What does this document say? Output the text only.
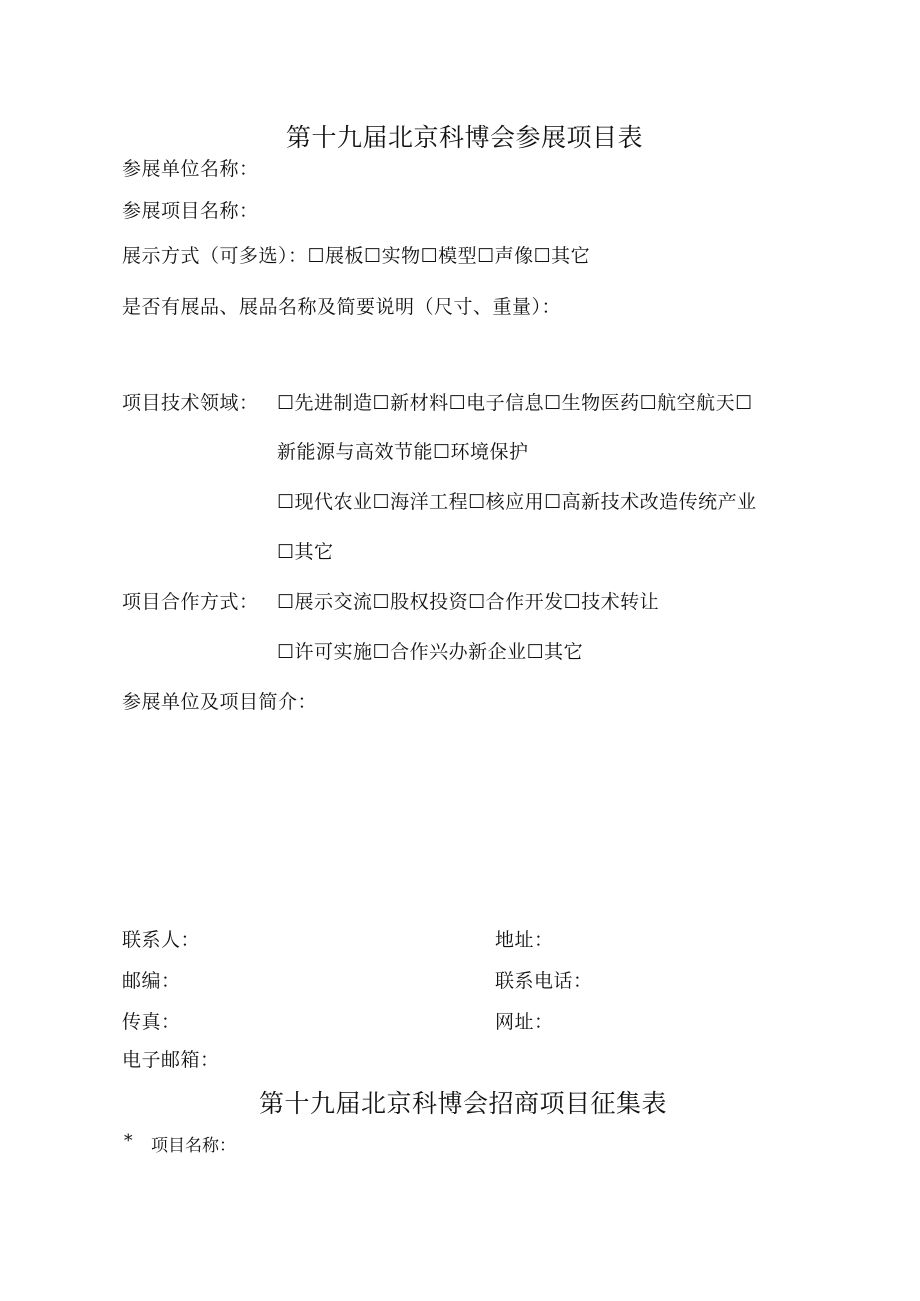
第十九届北京科博会参展项目表
参展单位名称：
参展项目名称：
展示方式（可多选）：☐展板☐实物☐模型☐声像☐其它
是否有展品、展品名称及简要说明（尺寸、重量）：
项目技术领域： ☐先进制造☐新材料☐电子信息☐生物医药☐航空航天☐
新能源与高效节能☐环境保护
☐现代农业☐海洋工程☐核应用☐高新技术改造传统产业
☐其它
项目合作方式： ☐展示交流☐股权投资☐合作开发☐技术转让
☐许可实施☐合作兴办新企业☐其它
参展单位及项目简介：
联系人：	地址：
邮编：	联系电话：
传真：	网址：
电子邮箱：
第十九届北京科博会招商项目征集表
* 项目名称：
